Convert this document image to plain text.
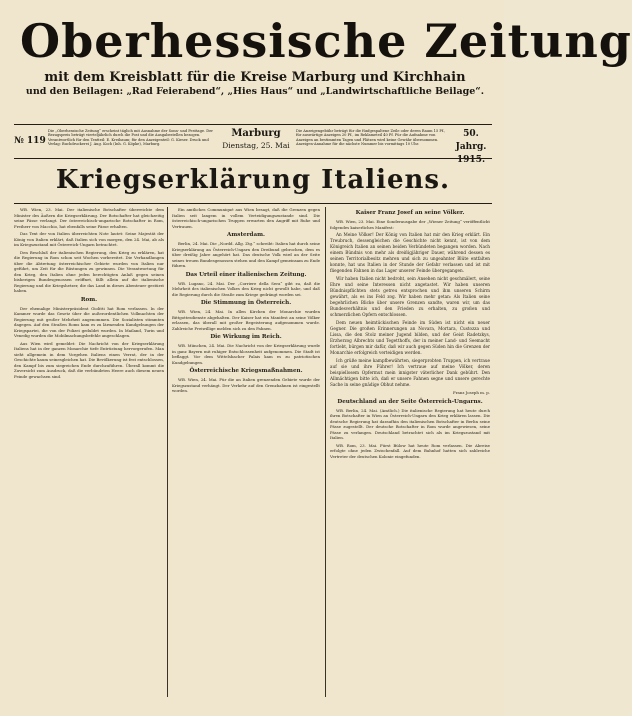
Oberhessische Zeitung
mit dem Kreisblatt für die Kreise Marburg und Kirchhain
und den Beilagen: „Rad Feierabend“, „Hies Haus“ und „Landwirtschaftliche Beilage“.
№ 119
Die „Oberhessische Zeitung“ erscheint täglich mit Ausnahme der Sonn- und Festtage. Der Bezugspreis beträgt vierteljährlich durch die Post und die Ausgabestellen bezogen. Verantwortlich für den Textteil: E. Kreibaum; für den Anzeigenteil: G. Kieser. Druck und Verlag: Buchdruckerei J. Aug. Koch (Inh. G. Köpke), Marburg.
Marburg
Dienstag, 25. Mai
Die Anzeigengebühr beträgt für die fünfgespaltene Zeile oder deren Raum 15 Pf., für auswärtige Anzeigen 20 Pf., im Reklameteil 40 Pf. Für die Aufnahme von Anzeigen an bestimmten Tagen und Plätzen wird keine Gewähr übernommen. Anzeigen-Annahme für die nächste Nummer bis vormittags 10 Uhr.
50. Jahrg.
1915.
Kriegserklärung Italiens.

WB. Wien, 23. Mai. Der italienische Botschafter überreichte dem Minister des Äußern die Kriegserklärung. Der Botschafter hat gleichzeitig seine Pässe verlangt. Der österreichisch-ungarische Botschafter in Rom, Freiherr von Macchio, hat ebenfalls seine Pässe erhalten.

Das Text der von Italien überreichten Note lautet: Seine Majestät der König von Italien erklärt, daß Italien sich von morgen, den 24. Mai, ab als im Kriegszustand mit Österreich-Ungarn betrachtet.

Den Beschluß der italienischen Regierung, den Krieg zu erklären, hat die Regierung in Rom schon seit Wochen vorbereitet. Die Verhandlungen über die Abtretung österreichischer Gebiete wurden von Italien nur geführt, um Zeit für die Rüstungen zu gewinnen. Die Verantwortung für den Krieg, den Italien ohne jeden berechtigten Anlaß gegen seinen bisherigen Bundesgenossen eröffnet, fällt allein auf die italienische Regierung und die Kriegshetzer, die das Land in dieses Abenteuer gestürzt haben.

Rom.

Der ehemalige Ministerpräsident Giolitti hat Rom verlassen. In der Kammer wurde das Gesetz über die außerordentlichen Vollmachten der Regierung mit großer Mehrheit angenommen. Die Sozialisten stimmten dagegen. Auf den Straßen Roms kam es zu lärmenden Kundgebungen der Kriegspartei, die von der Polizei geduldet wurden. In Mailand, Turin und Venedig wurden die Mobilmachungsbefehle angeschlagen.

Aus Wien wird gemeldet: Die Nachricht von der Kriegserklärung Italiens hat in der ganzen Monarchie tiefe Entrüstung hervorgerufen. Man sieht allgemein in dem Vorgehen Italiens einen Verrat, der in der Geschichte kaum seinesgleichen hat. Die Bevölkerung ist fest entschlossen, den Kampf bis zum siegreichen Ende durchzuführen. Überall kommt die Zuversicht zum Ausdruck, daß die verbündeten Heere auch diesem neuen Feinde gewachsen sind.

Ein amtliches Communiqué aus Wien besagt, daß die Grenzen gegen Italien seit langem in vollem Verteidigungszustande sind. Die österreichisch-ungarischen Truppen erwarten den Angriff mit Ruhe und Vertrauen.

Amsterdam.

Berlin, 24. Mai. Die „Nordd. Allg. Ztg.“ schreibt: Italien hat durch seine Kriegserklärung an Österreich-Ungarn den Dreibund gebrochen, dem es über dreißig Jahre angehört hat. Das deutsche Volk wird an der Seite seines treuen Bundesgenossen stehen und den Kampf gemeinsam zu Ende führen.

Das Urteil einer italienischen Zeitung.

WB. Lugano, 24. Mai. Der „Corriere della Sera“ gibt zu, daß die Mehrheit des italienischen Volkes den Krieg nicht gewollt habe, und daß die Regierung durch die Straße zum Kriege gedrängt worden sei.

Die Stimmung in Österreich.

WB. Wien, 24. Mai. In allen Kirchen der Monarchie wurden Bittgottesdienste abgehalten. Der Kaiser hat ein Manifest an seine Völker erlassen, das überall mit großer Begeisterung aufgenommen wurde. Zahlreiche Freiwillige melden sich zu den Fahnen.

Die Wirkung im Reich.

WB. München, 24. Mai. Die Nachricht von der Kriegserklärung wurde in ganz Bayern mit ruhiger Entschlossenheit aufgenommen. Die Stadt ist beflaggt. Vor dem Wittelsbacher Palais kam es zu patriotischen Kundgebungen.

Österreichische Kriegsmaßnahmen.

WB. Wien, 24. Mai. Für die an Italien grenzenden Gebiete wurde der Kriegszustand verhängt. Der Verkehr auf den Grenzbahnen ist eingestellt worden.

Kaiser Franz Josef an seine Völker.

WB. Wien, 23. Mai. Eine Sonderausgabe der „Wiener Zeitung“ veröffentlicht folgendes kaiserliches Manifest:

An Meine Völker! Der König von Italien hat mir den Krieg erklärt. Ein Treubruch, dessengleichen die Geschichte nicht kennt, ist von dem Königreich Italien an seinen beiden Verbündeten begangen worden. Nach einem Bündnis von mehr als dreißigjähriger Dauer, während dessen es seinen Territorialbesitz mehren und sich zu ungeahnter Blüte entfalten konnte, hat uns Italien in der Stunde der Gefahr verlassen und ist mit fliegenden Fahnen in das Lager unserer Feinde übergegangen.

Wir haben Italien nicht bedroht, sein Ansehen nicht geschmälert, seine Ehre und seine Interessen nicht angetastet. Wir haben unseren Bündnispflichten stets getreu entsprochen und ihm unseren Schirm gewährt, als es ins Feld zog. Wir haben mehr getan: Als Italien seine begehrlichen Blicke über unsere Grenzen sandte, waren wir, um das Bundesverhältnis und den Frieden zu erhalten, zu großen und schmerzlichen Opfern entschlossen.

Dem neuen heimtückischen Feinde im Süden ist nicht ein neuer Gegner. Die großen Erinnerungen an Novara, Mortara, Custozza und Lissa, die den Stolz meiner Jugend bilden, und der Geist Radetzkys, Erzherzog Albrechts und Tegetthoffs, der in meiner Land- und Seemacht fortlebt, bürgen mir dafür, daß wir auch gegen Süden hin die Grenzen der Monarchie erfolgreich verteidigen werden.

Ich grüße meine kampfbewährten, siegerprobten Truppen, ich vertraue auf sie und ihre Führer! Ich vertraue auf meine Völker, deren beispiellosem Opfermut mein innigster väterlicher Dank gebührt. Den Allmächtigen bitte ich, daß er unsere Fahnen segne und unsere gerechte Sache in seine gnädige Obhut nehme.

Franz Joseph m. p.
Deutschland an der Seite Österreich-Ungarns.

WB. Berlin, 24. Mai. (Amtlich.) Die italienische Regierung hat heute durch ihren Botschafter in Wien an Österreich-Ungarn den Krieg erklären lassen. Die deutsche Regierung hat daraufhin den italienischen Botschafter in Berlin seine Pässe zugestellt. Der deutsche Botschafter in Rom wurde angewiesen, seine Pässe zu verlangen. Deutschland betrachtet sich als im Kriegszustand mit Italien.

WB. Rom, 23. Mai. Fürst Bülow hat heute Rom verlassen. Die Abreise erfolgte ohne jeden Zwischenfall. Auf dem Bahnhof hatten sich zahlreiche Vertreter der deutschen Kolonie eingefunden.
